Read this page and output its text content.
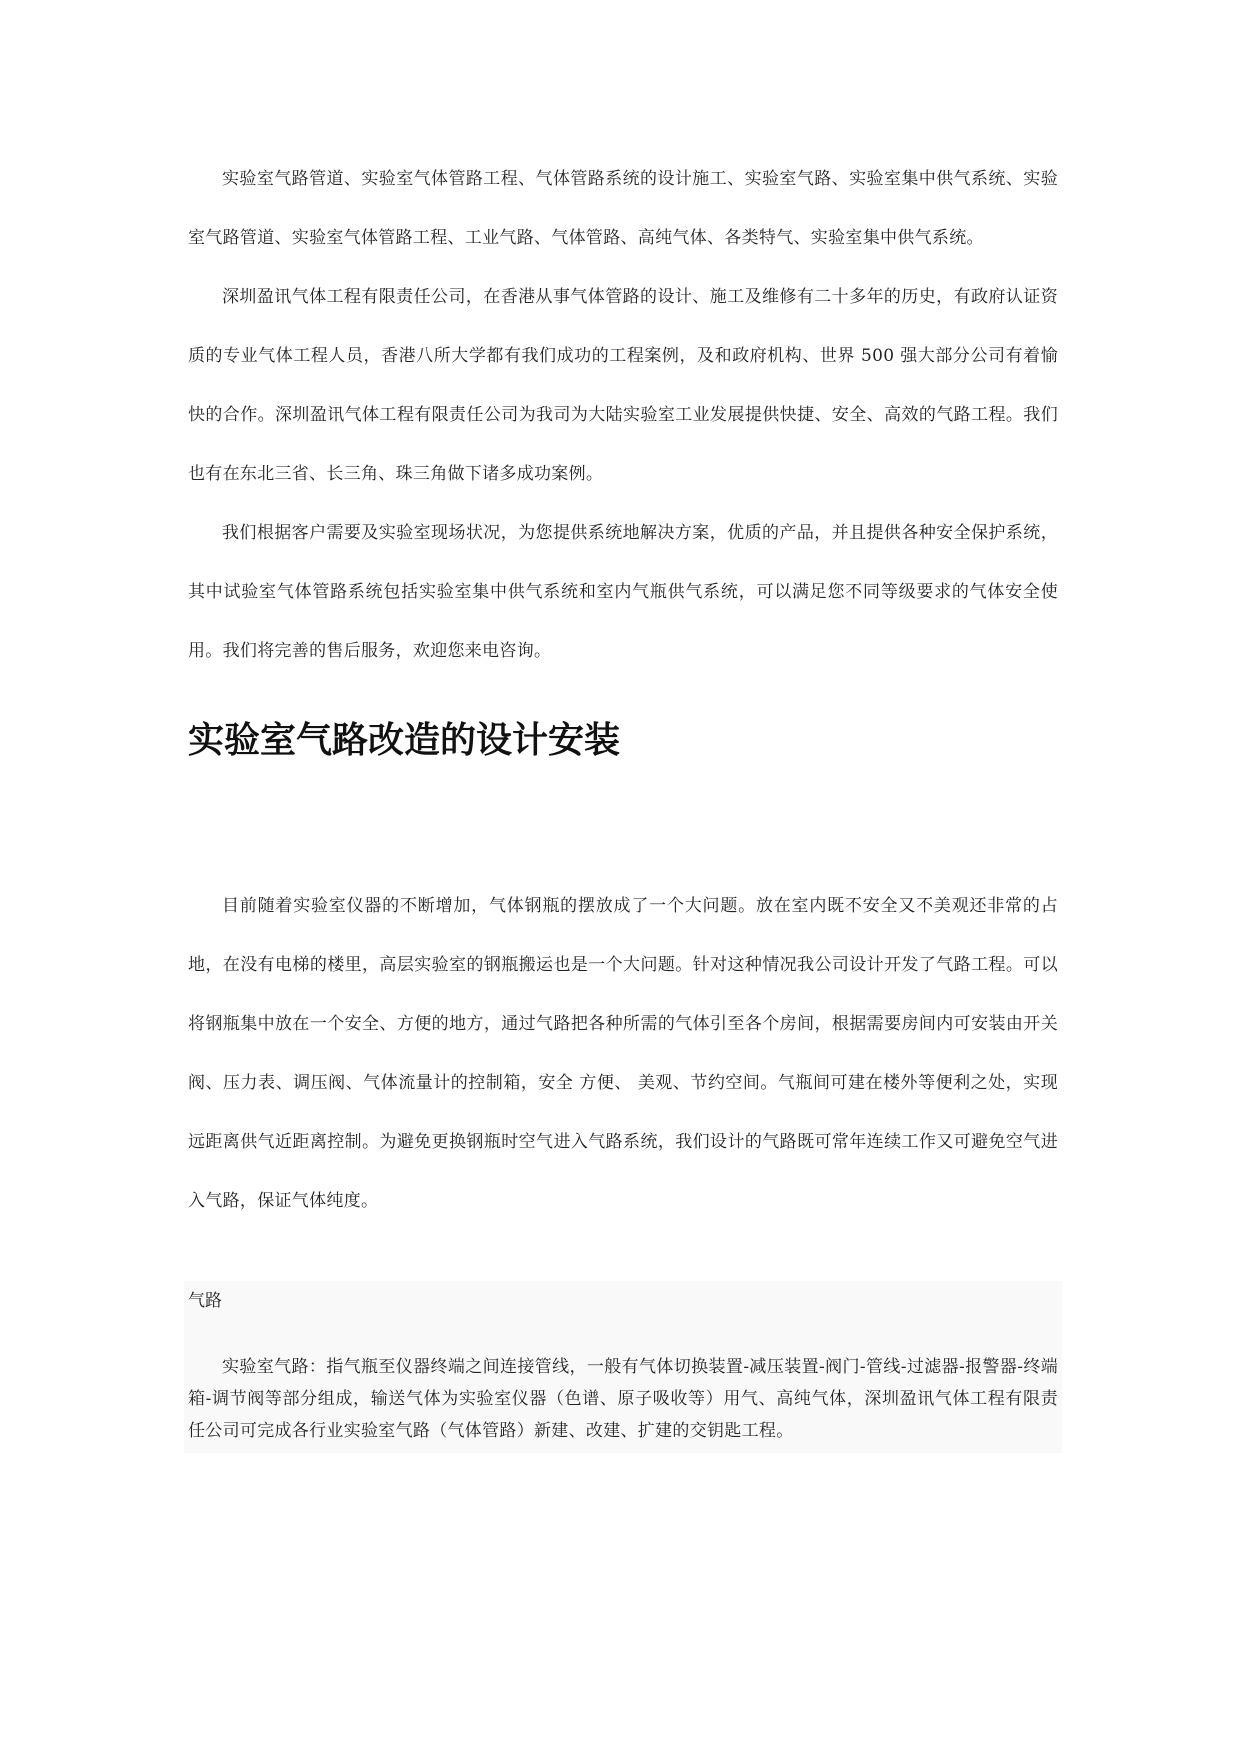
实验室气路管道、实验室气体管路工程、气体管路系统的设计施工、实验室气路、实验室集中供气系统、实验室气路管道、实验室气体管路工程、工业气路、气体管路、高纯气体、各类特气、实验室集中供气系统。

深圳盈讯气体工程有限责任公司，在香港从事气体管路的设计、施工及维修有二十多年的历史，有政府认证资质的专业气体工程人员，香港八所大学都有我们成功的工程案例，及和政府机构、世界 500 强大部分公司有着愉快的合作。深圳盈讯气体工程有限责任公司为我司为大陆实验室工业发展提供快捷、安全、高效的气路工程。我们也有在东北三省、长三角、珠三角做下诸多成功案例。

我们根据客户需要及实验室现场状况，为您提供系统地解决方案，优质的产品，并且提供各种安全保护系统，其中试验室气体管路系统包括实验室集中供气系统和室内气瓶供气系统，可以满足您不同等级要求的气体安全使用。我们将完善的售后服务，欢迎您来电咨询。

实验室气路改造的设计安装

目前随着实验室仪器的不断增加，气体钢瓶的摆放成了一个大问题。放在室内既不安全又不美观还非常的占地，在没有电梯的楼里，高层实验室的钢瓶搬运也是一个大问题。针对这种情况我公司设计开发了气路工程。可以将钢瓶集中放在一个安全、方便的地方，通过气路把各种所需的气体引至各个房间，根据需要房间内可安装由开关阀、压力表、调压阀、气体流量计的控制箱，安全 方便、 美观、节约空间。气瓶间可建在楼外等便利之处，实现远距离供气近距离控制。为避免更换钢瓶时空气进入气路系统，我们设计的气路既可常年连续工作又可避免空气进入气路，保证气体纯度。

气路

实验室气路：指气瓶至仪器终端之间连接管线，一般有气体切换装置-减压装置-阀门-管线-过滤器-报警器-终端箱-调节阀等部分组成，输送气体为实验室仪器（色谱、原子吸收等）用气、高纯气体，深圳盈讯气体工程有限责任公司可完成各行业实验室气路（气体管路）新建、改建、扩建的交钥匙工程。
